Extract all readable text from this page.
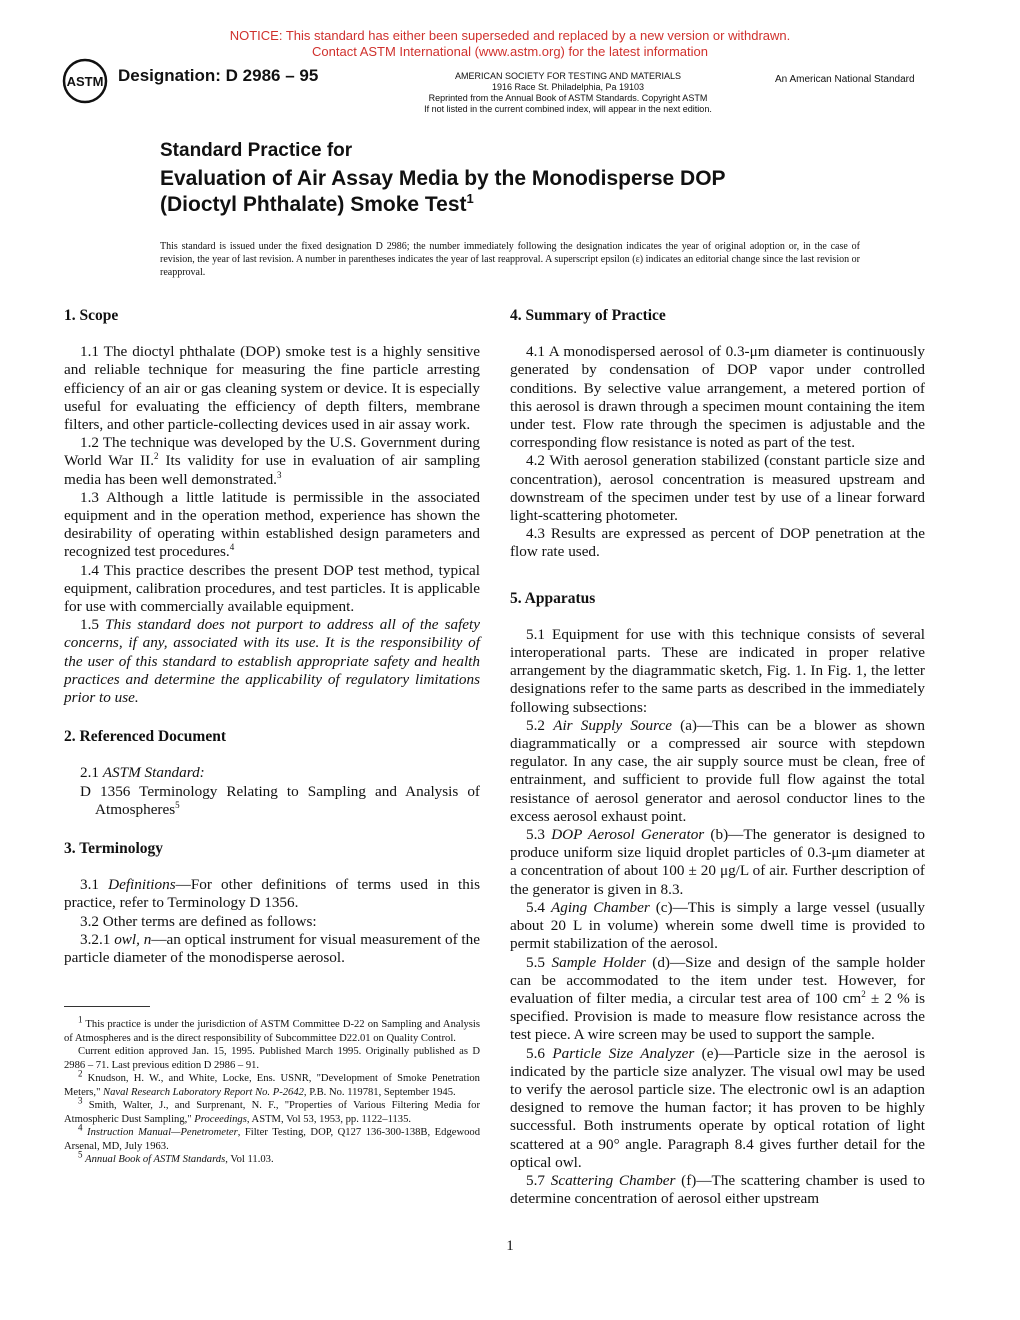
NOTICE: This standard has either been superseded and replaced by a new version or withdrawn.
Contact ASTM International (www.astm.org) for the latest information
ASTM Designation: D 2986 – 95	AMERICAN SOCIETY FOR TESTING AND MATERIALS
1916 Race St. Philadelphia, Pa 19103
Reprinted from the Annual Book of ASTM Standards. Copyright ASTM
If not listed in the current combined index, will appear in the next edition.
An American National Standard
Standard Practice for
Evaluation of Air Assay Media by the Monodisperse DOP
(Dioctyl Phthalate) Smoke Test$^1$
This standard is issued under the fixed designation D 2986; the number immediately following the designation indicates the year of original adoption or, in the case of revision, the year of last revision. A number in parentheses indicates the year of last reapproval. A superscript epsilon (ε) indicates an editorial change since the last revision or reapproval.
1. Scope

1.1 The dioctyl phthalate (DOP) smoke test is a highly sensitive and reliable technique for measuring the fine particle arresting efficiency of an air or gas cleaning system or device. It is especially useful for evaluating the efficiency of depth filters, membrane filters, and other particle-collecting devices used in air assay work.

1.2 The technique was developed by the U.S. Government during World War II.$^2$ Its validity for use in evaluation of air sampling media has been well demonstrated.$^3$

1.3 Although a little latitude is permissible in the associated equipment and in the operation method, experience has shown the desirability of operating within established design parameters and recognized test procedures.$^4$

1.4 This practice describes the present DOP test method, typical equipment, calibration procedures, and test particles. It is applicable for use with commercially available equipment.

1.5 This standard does not purport to address all of the safety concerns, if any, associated with its use. It is the responsibility of the user of this standard to establish appropriate safety and health practices and determine the applicability of regulatory limitations prior to use.

2. Referenced Document

2.1 ASTM Standard:

D 1356 Terminology Relating to Sampling and Analysis of Atmospheres$^5$

3. Terminology

3.1 Definitions—For other definitions of terms used in this practice, refer to Terminology D 1356.

3.2 Other terms are defined as follows:

3.2.1 owl, n—an optical instrument for visual measurement of the particle diameter of the monodisperse aerosol.

$^1$ This practice is under the jurisdiction of ASTM Committee D-22 on Sampling and Analysis of Atmospheres and is the direct responsibility of Subcommittee D22.01 on Quality Control.

Current edition approved Jan. 15, 1995. Published March 1995. Originally published as D 2986 – 71. Last previous edition D 2986 – 91.

$^2$ Knudson, H. W., and White, Locke, Ens. USNR, "Development of Smoke Penetration Meters," Naval Research Laboratory Report No. P-2642, P.B. No. 119781, September 1945.

$^3$ Smith, Walter, J., and Surprenant, N. F., "Properties of Various Filtering Media for Atmospheric Dust Sampling," Proceedings, ASTM, Vol 53, 1953, pp. 1122–1135.

$^4$ Instruction Manual—Penetrometer, Filter Testing, DOP, Q127 136-300-138B, Edgewood Arsenal, MD, July 1963.

$^5$ Annual Book of ASTM Standards, Vol 11.03.

4. Summary of Practice

4.1 A monodispersed aerosol of 0.3-μm diameter is continuously generated by condensation of DOP vapor under controlled conditions. By selective value arrangement, a metered portion of this aerosol is drawn through a specimen mount containing the item under test. Flow rate through the specimen is adjustable and the corresponding flow resistance is noted as part of the test.

4.2 With aerosol generation stabilized (constant particle size and concentration), aerosol concentration is measured upstream and downstream of the specimen under test by use of a linear forward light-scattering photometer.

4.3 Results are expressed as percent of DOP penetration at the flow rate used.

5. Apparatus

5.1 Equipment for use with this technique consists of several interoperational parts. These are indicated in proper relative arrangement by the diagrammatic sketch, Fig. 1. In Fig. 1, the letter designations refer to the same parts as described in the immediately following subsections:

5.2 Air Supply Source (a)—This can be a blower as shown diagrammatically or a compressed air source with stepdown regulator. In any case, the air supply source must be clean, free of entrainment, and sufficient to provide full flow against the total resistance of aerosol generator and aerosol conductor lines to the excess aerosol exhaust point.

5.3 DOP Aerosol Generator (b)—The generator is designed to produce uniform size liquid droplet particles of 0.3-μm diameter at a concentration of about 100 ± 20 μg/L of air. Further description of the generator is given in 8.3.

5.4 Aging Chamber (c)—This is simply a large vessel (usually about 20 L in volume) wherein some dwell time is provided to permit stabilization of the aerosol.

5.5 Sample Holder (d)—Size and design of the sample holder can be accommodated to the item under test. However, for evaluation of filter media, a circular test area of 100 $cm^2 \pm 2$ % is specified. Provision is made to measure flow resistance across the test piece. A wire screen may be used to support the sample.

5.6 Particle Size Analyzer (e)—Particle size in the aerosol is indicated by the particle size analyzer. The visual owl may be used to verify the aerosol particle size. The electronic owl is an adaption designed to remove the human factor; it has proven to be highly successful. Both instruments operate by optical rotation of light scattered at a 90° angle. Paragraph 8.4 gives further detail for the optical owl.

5.7 Scattering Chamber (f)—The scattering chamber is used to determine concentration of aerosol either upstream

1
